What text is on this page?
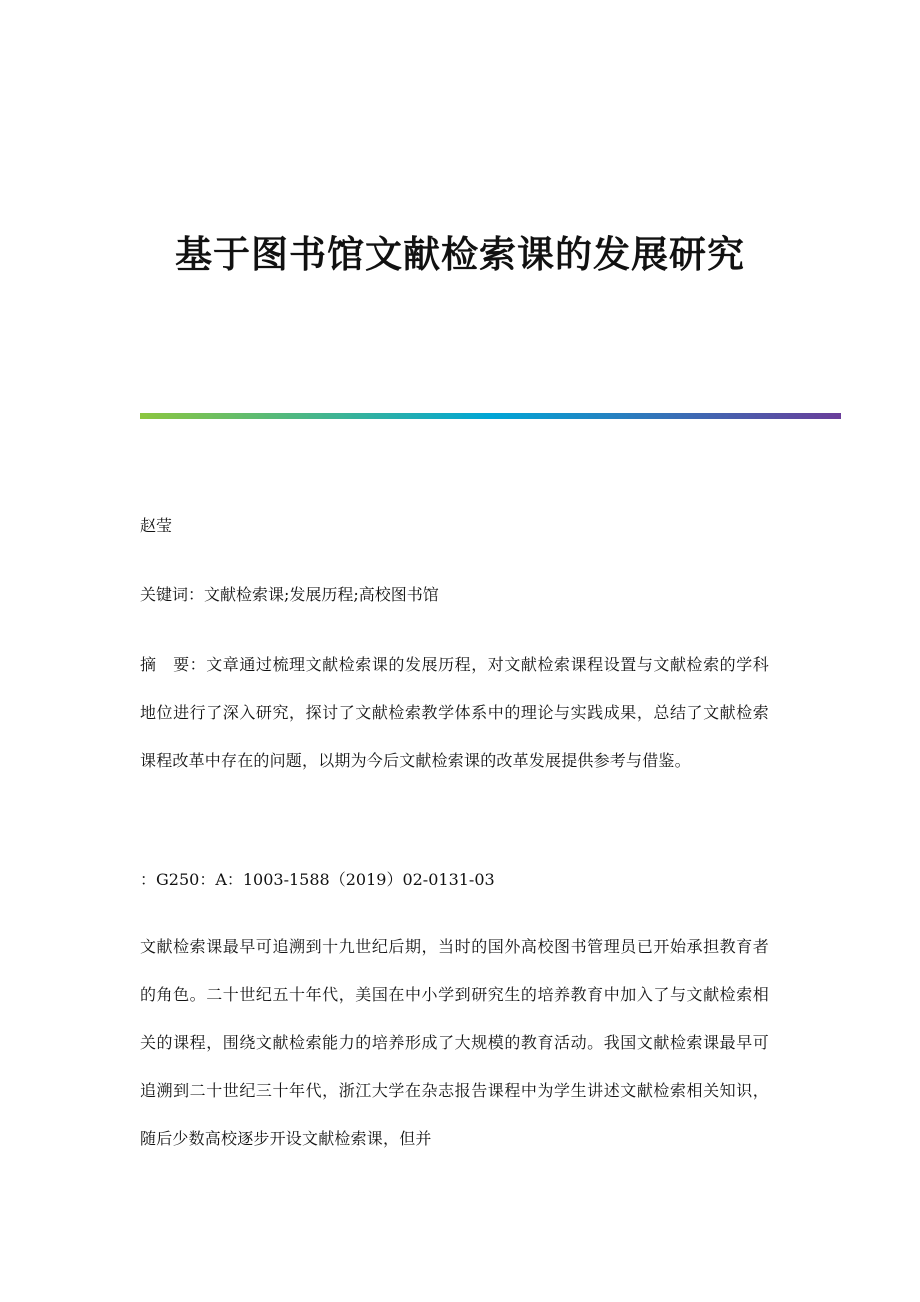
基于图书馆文献检索课的发展研究
赵莹
关键词：文献检索课;发展历程;高校图书馆
摘　要：文章通过梳理文献检索课的发展历程，对文献检索课程设置与文献检索的学科地位进行了深入研究，探讨了文献检索教学体系中的理论与实践成果，总结了文献检索课程改革中存在的问题，以期为今后文献检索课的改革发展提供参考与借鉴。
：G250：A：1003-1588（2019）02-0131-03
文献检索课最早可追溯到十九世纪后期，当时的国外高校图书管理员已开始承担教育者的角色。二十世纪五十年代，美国在中小学到研究生的培养教育中加入了与文献检索相关的课程，围绕文献检索能力的培养形成了大规模的教育活动。我国文献检索课最早可追溯到二十世纪三十年代，浙江大学在杂志报告课程中为学生讲述文献检索相关知识，随后少数高校逐步开设文献检索课，但并
